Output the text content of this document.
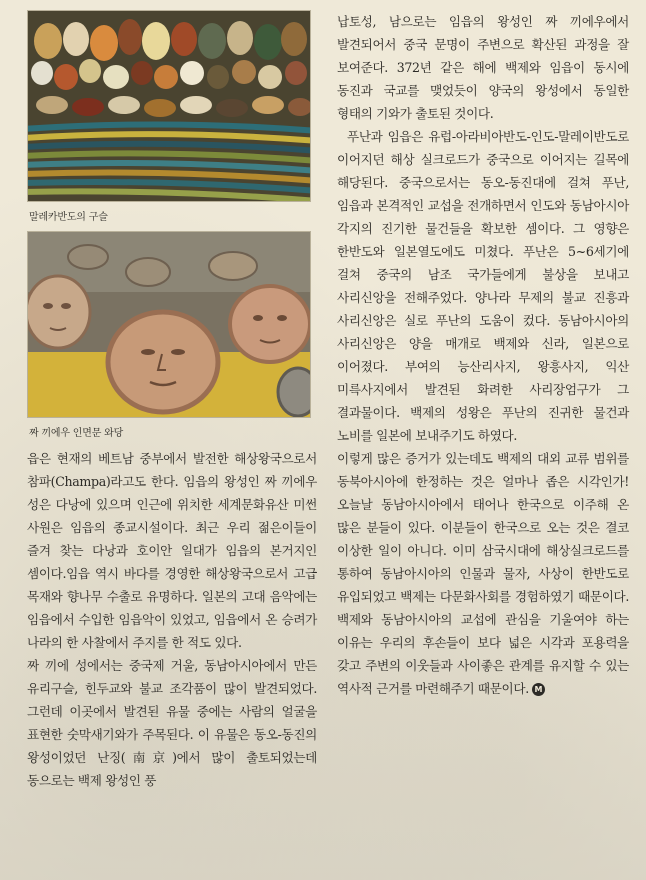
말레카반도의 구슬
짜 끼에우 인면문 와당

읍은 현재의 베트남 중부에서 발전한 해상왕국으로서 참파(Champa)라고도 한다. 임읍의 왕성인 짜 끼에우 성은 다낭에 있으며 인근에 위치한 세계문화유산 미썬 사원은 임읍의 종교시설이다. 최근 우리 젊은이들이 즐겨 찾는 다낭과 호이안 일대가 임읍의 본거지인 셈이다.임읍 역시 바다를 경영한 해상왕국으로서 고급 목재와 향나무 수출로 유명하다. 일본의 고대 음악에는 임읍에서 수입한 임읍악이 있었고, 임읍에서 온 승려가 나라의 한 사찰에서 주지를 한 적도 있다.

짜 끼에 성에서는 중국제 거울, 동남아시아에서 만든 유리구슬, 힌두교와 불교 조각품이 많이 발견되었다. 그런데 이곳에서 발견된 유물 중에는 사람의 얼굴을 표현한 숫막새기와가 주목된다. 이 유물은 동오-동진의 왕성이었던 난징(南京)에서 많이 출토되었는데 동으로는 백제 왕성인 풍

납토성, 남으로는 임읍의 왕성인 짜 끼에우에서 발견되어서 중국 문명이 주변으로 확산된 과정을 잘 보여준다. 372년 같은 해에 백제와 임읍이 동시에 동진과 국교를 맺었듯이 양국의 왕성에서 동일한 형태의 기와가 출토된 것이다.

푸난과 임읍은 유럽-아라비아반도-인도-말레이반도로 이어지던 해상 실크로드가 중국으로 이어지는 길목에 해당된다. 중국으로서는 동오-동진대에 걸쳐 푸난, 임읍과 본격적인 교섭을 전개하면서 인도와 동남아시아 각지의 진기한 물건들을 확보한 셈이다. 그 영향은 한반도와 일본열도에도 미쳤다. 푸난은 5~6세기에 걸쳐 중국의 남조 국가들에게 불상을 보내고 사리신앙을 전해주었다. 양나라 무제의 불교 진흥과 사리신앙은 실로 푸난의 도움이 컸다. 동남아시아의 사리신앙은 양을 매개로 백제와 신라, 일본으로 이어졌다. 부여의 능산리사지, 왕흥사지, 익산 미륵사지에서 발견된 화려한 사리장엄구가 그 결과물이다. 백제의 성왕은 푸난의 진귀한 물건과 노비를 일본에 보내주기도 하였다.

이렇게 많은 증거가 있는데도 백제의 대외 교류 범위를 동북아시아에 한정하는 것은 얼마나 좁은 시각인가! 오늘날 동남아시아에서 태어나 한국으로 이주해 온 많은 분들이 있다. 이분들이 한국으로 오는 것은 결코 이상한 일이 아니다. 이미 삼국시대에 해상실크로드를 통하여 동남아시아의 인물과 물자, 사상이 한반도로 유입되었고 백제는 다문화사회를 경험하였기 때문이다. 백제와 동남아시아의 교섭에 관심을 기울여야 하는 이유는 우리의 후손들이 보다 넓은 시각과 포용력을 갖고 주변의 이웃들과 사이좋은 관계를 유지할 수 있는 역사적 근거를 마련해주기 때문이다. M
